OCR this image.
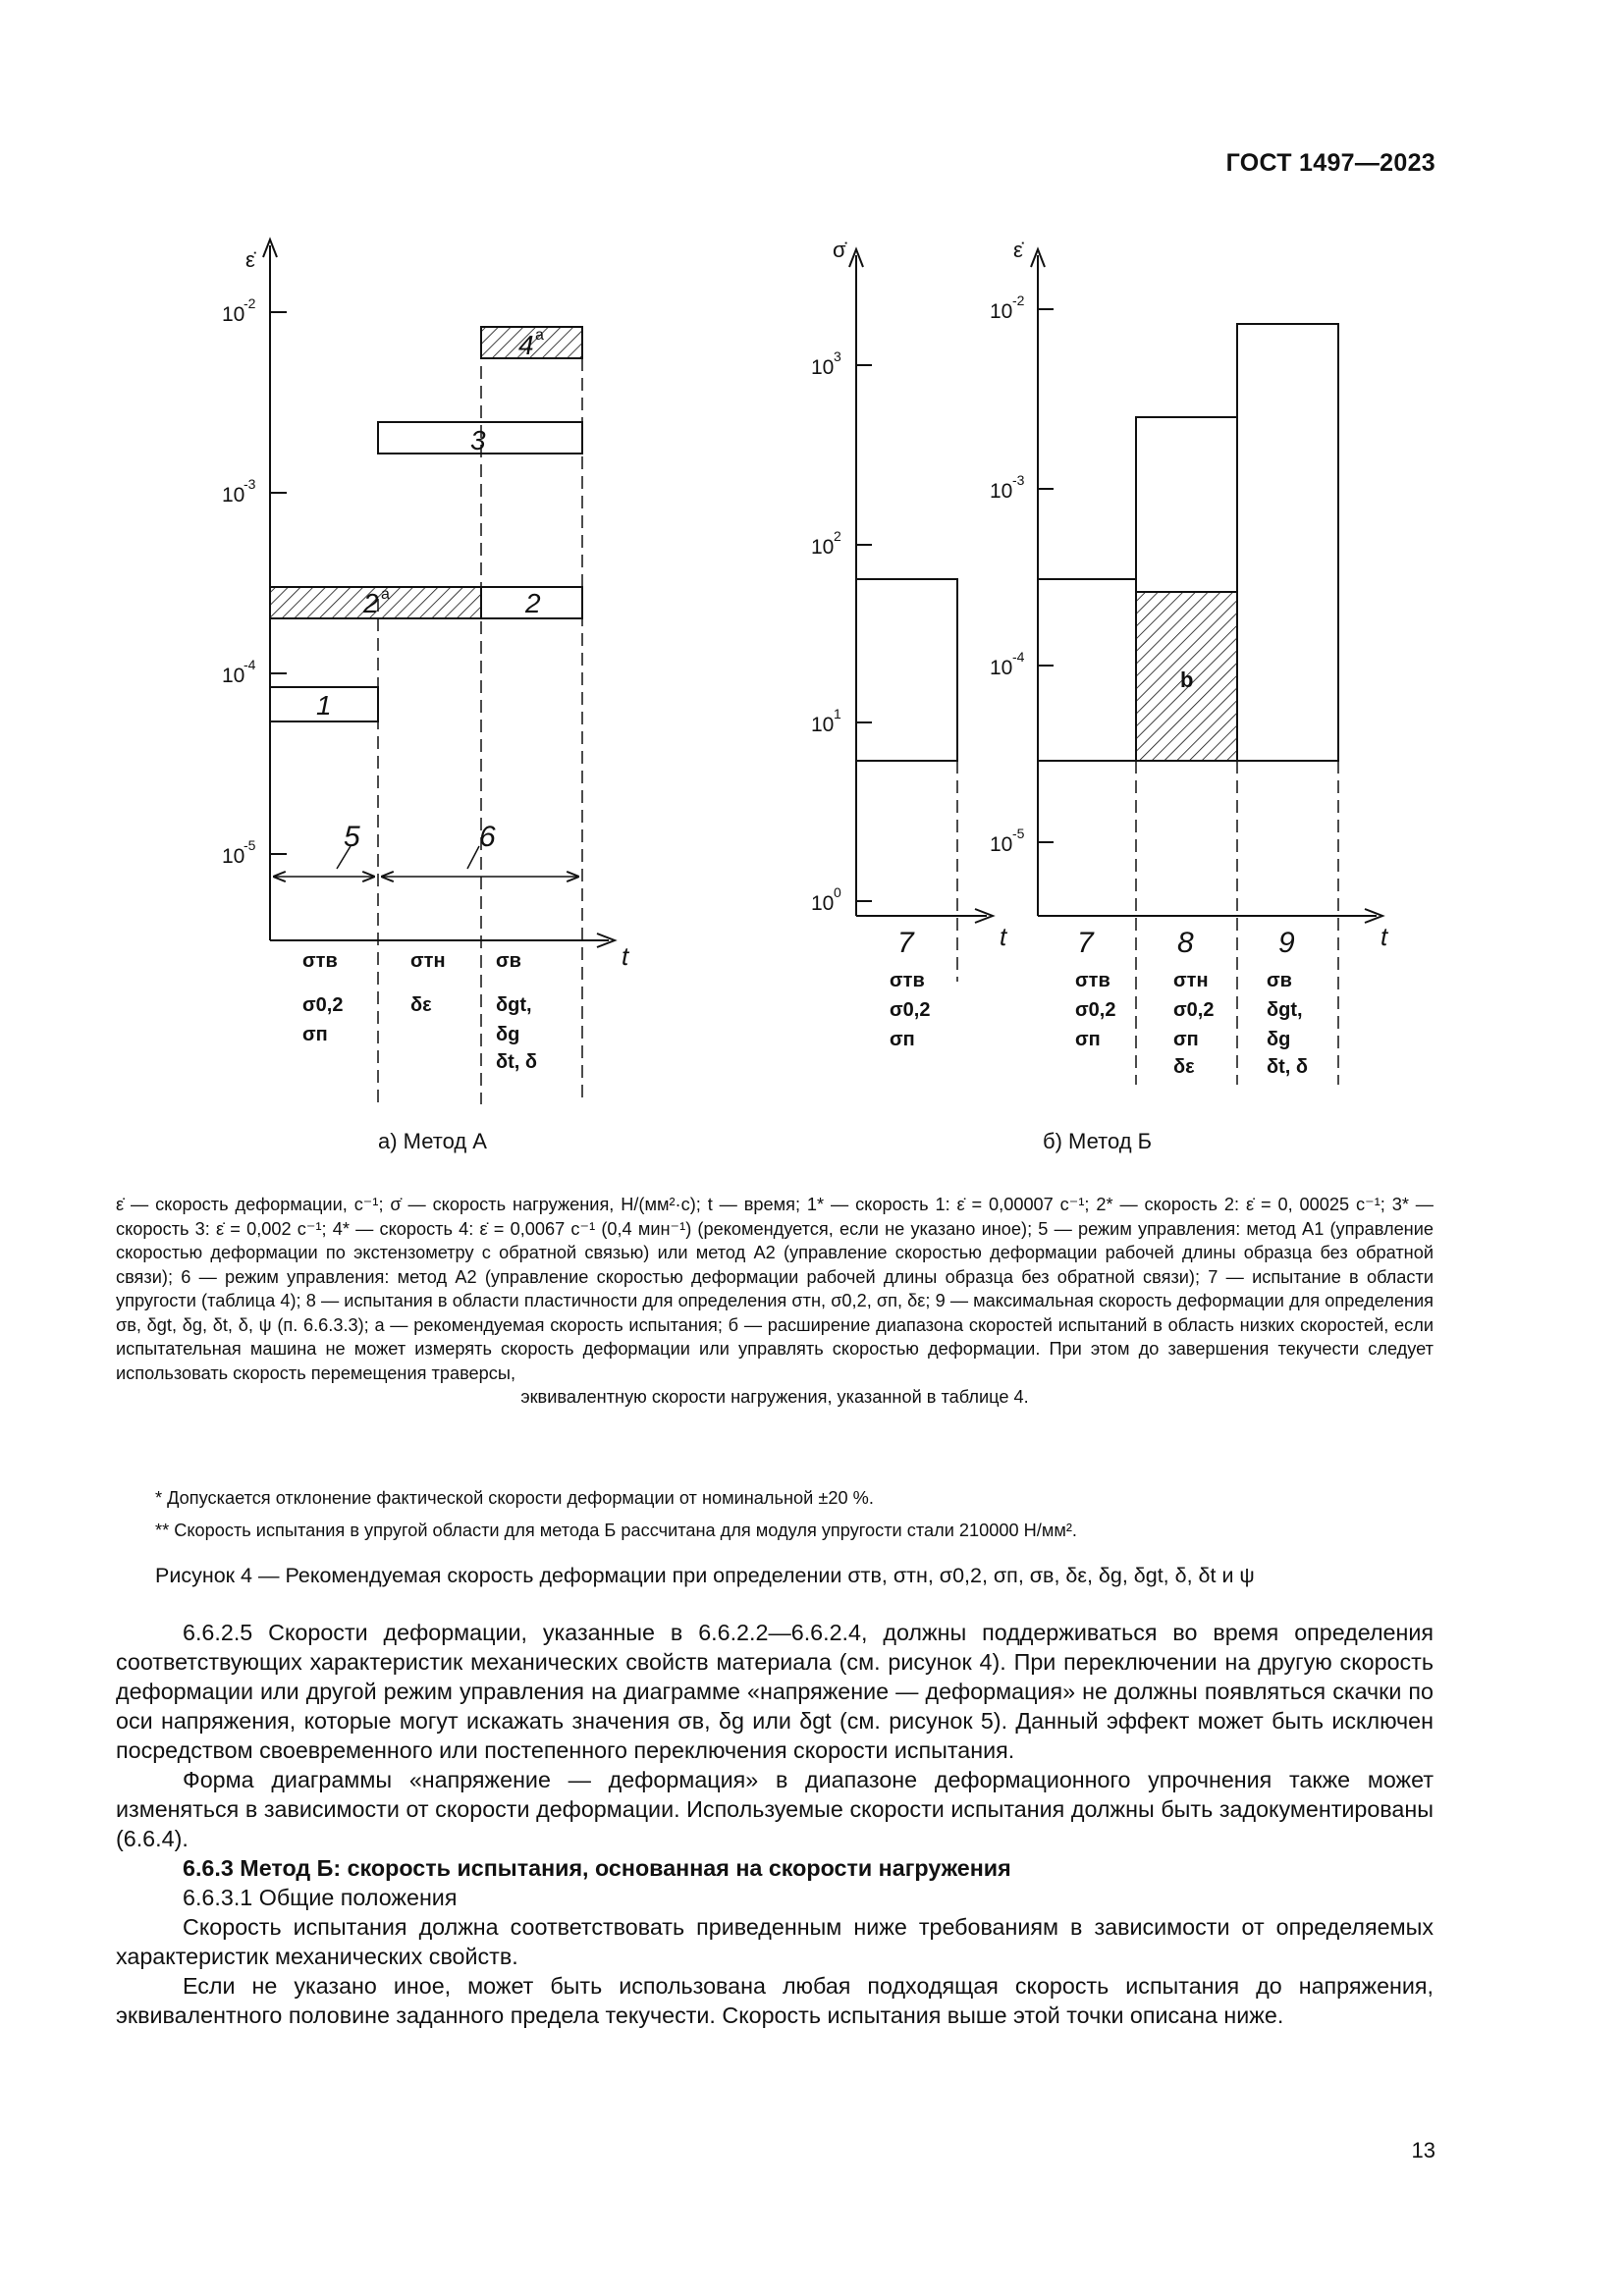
ГОСТ 1497—2023
ε̇
10
-2
10
-3
10
-4
10
-5
1
2 a	2
3
4 a
5	6
t
σтв
σ0,2
σп
σтн
δε
σв
δgt,
δg
δt, δ
σ̇	ε̇
10 3
10 2
10 1
10 0
10 -2
10 -3
10 -4
10 -5
b
t	t
7	7	8	9
σтв
σ0,2
σп
σтв
σ0,2
σп
σтн
σ0,2
σп
δε
σв
δgt,
δg
δt, δ
а) Метод А	б) Метод Б

ε̇ — скорость деформации, с⁻¹; σ̇ — скорость нагружения, Н/(мм²·с); t — время; 1* — скорость 1: ε̇ = 0,00007 с⁻¹; 2* — скорость 2: ε̇ = 0, 00025 с⁻¹; 3* — скорость 3: ε̇ = 0,002 с⁻¹; 4* — скорость 4: ε̇ = 0,0067 с⁻¹ (0,4 мин⁻¹) (рекомендуется, если не указано иное); 5 — режим управления: метод А1 (управление скоростью деформации по экстензометру с обратной связью) или метод А2 (управление скоростью деформации рабочей длины образца без обратной связи); 6 — режим управления: метод А2 (управление скоростью деформации рабочей длины образца без обратной связи); 7 — испытание в области упругости (таблица 4); 8 — испытания в области пластичности для определения σтн, σ0,2, σп, δε; 9 — максимальная скорость деформации для определения σв, δgt, δg, δt, δ, ψ (п. 6.6.3.3); а — рекомендуемая скорость испытания; б — расширение диапазона скоростей испытаний в область низких скоростей, если испытательная машина не может измерять скорость деформации или управлять скоростью деформации. При этом до завершения текучести следует использовать скорость перемещения траверсы,

эквивалентную скорости нагружения, указанной в таблице 4.

* Допускается отклонение фактической скорости деформации от номинальной ±20 %.

** Скорость испытания в упругой области для метода Б рассчитана для модуля упругости стали 210000 Н/мм².

Рисунок 4 — Рекомендуемая скорость деформации при определении σтв, σтн, σ0,2, σп, σв, δε, δg, δgt, δ, δt и ψ

6.6.2.5 Скорости деформации, указанные в 6.6.2.2—6.6.2.4, должны поддерживаться во время определения соответствующих характеристик механических свойств материала (см. рисунок 4). При переключении на другую скорость деформации или другой режим управления на диаграмме «напряжение — деформация» не должны появляться скачки по оси напряжения, которые могут искажать значения σв, δg или δgt (см. рисунок 5). Данный эффект может быть исключен посредством своевременного или постепенного переключения скорости испытания.

Форма диаграммы «напряжение — деформация» в диапазоне деформационного упрочнения также может изменяться в зависимости от скорости деформации. Используемые скорости испытания должны быть задокументированы (6.6.4).

6.6.3 Метод Б: скорость испытания, основанная на скорости нагружения

6.6.3.1 Общие положения

Скорость испытания должна соответствовать приведенным ниже требованиям в зависимости от определяемых характеристик механических свойств.

Если не указано иное, может быть использована любая подходящая скорость испытания до напряжения, эквивалентного половине заданного предела текучести. Скорость испытания выше этой точки описана ниже.

13
